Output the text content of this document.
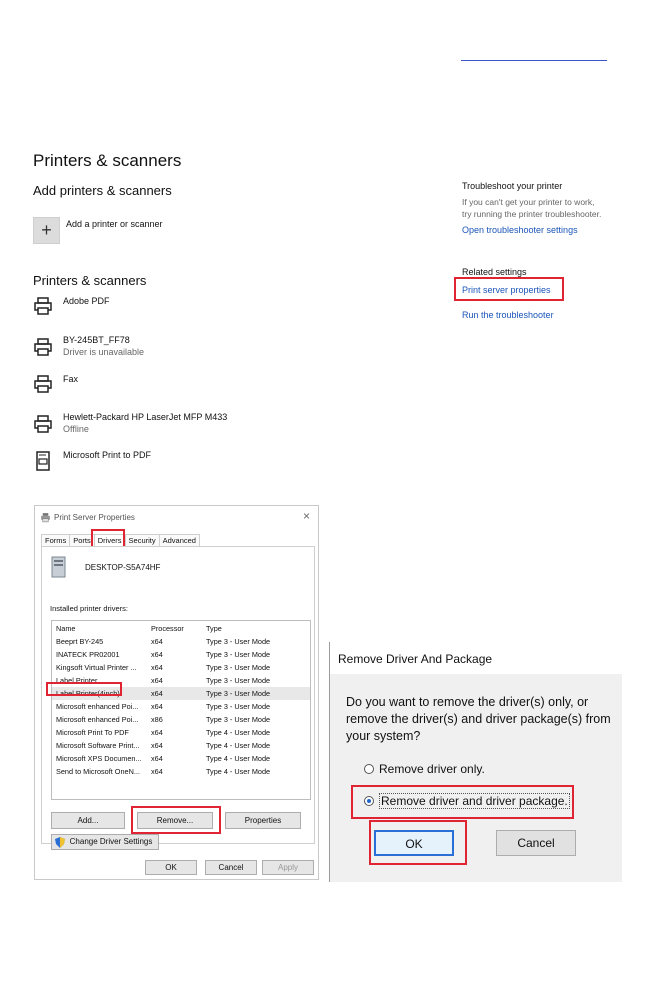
Printers & scanners
Add printers & scanners
+	Add a printer or scanner
Printers & scanners
Adobe PDF
BY-245BT_FF78
Driver is unavailable
Fax
Hewlett-Packard HP LaserJet MFP M433
Offline
Microsoft Print to PDF
Troubleshoot your printer
If you can't get your printer to work,
try running the printer troubleshooter.
Open troubleshooter settings
Related settings
Print server properties
Run the troubleshooter
Print Server Properties	×
Forms Ports Drivers Security Advanced
DESKTOP-S5A74HF
Installed printer drivers:
Name	Processor	Type
Beeprt BY-245	x64	Type 3 - User Mode
INATECK PR02001	x64	Type 3 - User Mode
Kingsoft Virtual Printer ... x64	Type 3 - User Mode
Label Printer	x64	Type 3 - User Mode
Label Printer(4inch)	x64	Type 3 - User Mode
Microsoft enhanced Poi... x64	Type 3 - User Mode
Microsoft enhanced Poi... x86	Type 3 - User Mode
Microsoft Print To PDF	x64	Type 4 - User Mode
Microsoft Software Print... x64	Type 4 - User Mode
Microsoft XPS Documen... x64	Type 4 - User Mode
Send to Microsoft OneN... x64	Type 4 - User Mode
Add...	Remove...	Properties
Change Driver Settings
OK	Cancel	Apply
Remove Driver And Package
Do you want to remove the driver(s) only, or remove the driver(s) and driver package(s) from your system?
Remove driver only.
Remove driver and driver package.
OK	Cancel
